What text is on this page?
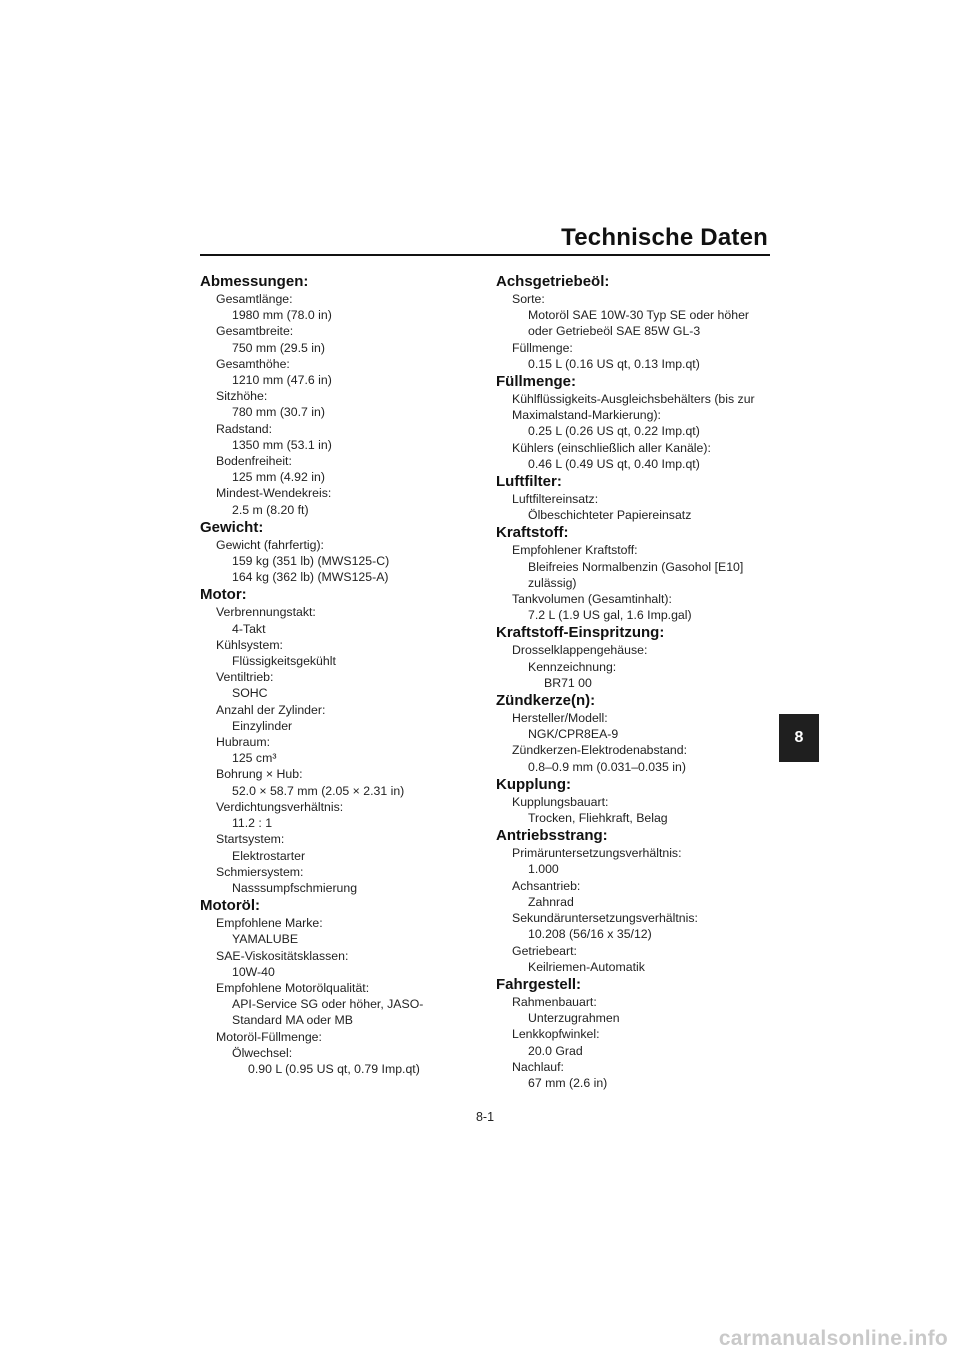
Technische Daten
Abmessungen:
Gesamtlänge:
1980 mm (78.0 in)
Gesamtbreite:
750 mm (29.5 in)
Gesamthöhe:
1210 mm (47.6 in)
Sitzhöhe:
780 mm (30.7 in)
Radstand:
1350 mm (53.1 in)
Bodenfreiheit:
125 mm (4.92 in)
Mindest-Wendekreis:
2.5 m (8.20 ft)
Gewicht:
Gewicht (fahrfertig):
159 kg (351 lb) (MWS125-C)
164 kg (362 lb) (MWS125-A)
Motor:
Verbrennungstakt:
4-Takt
Kühlsystem:
Flüssigkeitsgekühlt
Ventiltrieb:
SOHC
Anzahl der Zylinder:
Einzylinder
Hubraum:
125 cm³
Bohrung × Hub:
52.0 × 58.7 mm (2.05 × 2.31 in)
Verdichtungsverhältnis:
11.2 : 1
Startsystem:
Elektrostarter
Schmiersystem:
Nasssumpfschmierung
Motoröl:
Empfohlene Marke:
YAMALUBE
SAE-Viskositätsklassen:
10W-40
Empfohlene Motorölqualität:
API-Service SG oder höher, JASO-
Standard MA oder MB
Motoröl-Füllmenge:
Ölwechsel:
0.90 L (0.95 US qt, 0.79 Imp.qt)
Achsgetriebeöl:
Sorte:
Motoröl SAE 10W-30 Typ SE oder höher
oder Getriebeöl SAE 85W GL-3
Füllmenge:
0.15 L (0.16 US qt, 0.13 Imp.qt)
Füllmenge:
Kühlflüssigkeits-Ausgleichsbehälters (bis zur
Maximalstand-Markierung):
0.25 L (0.26 US qt, 0.22 Imp.qt)
Kühlers (einschließlich aller Kanäle):
0.46 L (0.49 US qt, 0.40 Imp.qt)
Luftfilter:
Luftfiltereinsatz:
Ölbeschichteter Papiereinsatz
Kraftstoff:
Empfohlener Kraftstoff:
Bleifreies Normalbenzin (Gasohol [E10]
zulässig)
Tankvolumen (Gesamtinhalt):
7.2 L (1.9 US gal, 1.6 Imp.gal)
Kraftstoff-Einspritzung:
Drosselklappengehäuse:
Kennzeichnung:
BR71 00
Zündkerze(n):
Hersteller/Modell:
NGK/CPR8EA-9
Zündkerzen-Elektrodenabstand:
0.8–0.9 mm (0.031–0.035 in)
Kupplung:
Kupplungsbauart:
Trocken, Fliehkraft, Belag
Antriebsstrang:
Primäruntersetzungsverhältnis:
1.000
Achsantrieb:
Zahnrad
Sekundäruntersetzungsverhältnis:
10.208 (56/16 x 35/12)
Getriebeart:
Keilriemen-Automatik
Fahrgestell:
Rahmenbauart:
Unterzugrahmen
Lenkkopfwinkel:
20.0 Grad
Nachlauf:
67 mm (2.6 in)
8
8-1
carmanualsonline.info
